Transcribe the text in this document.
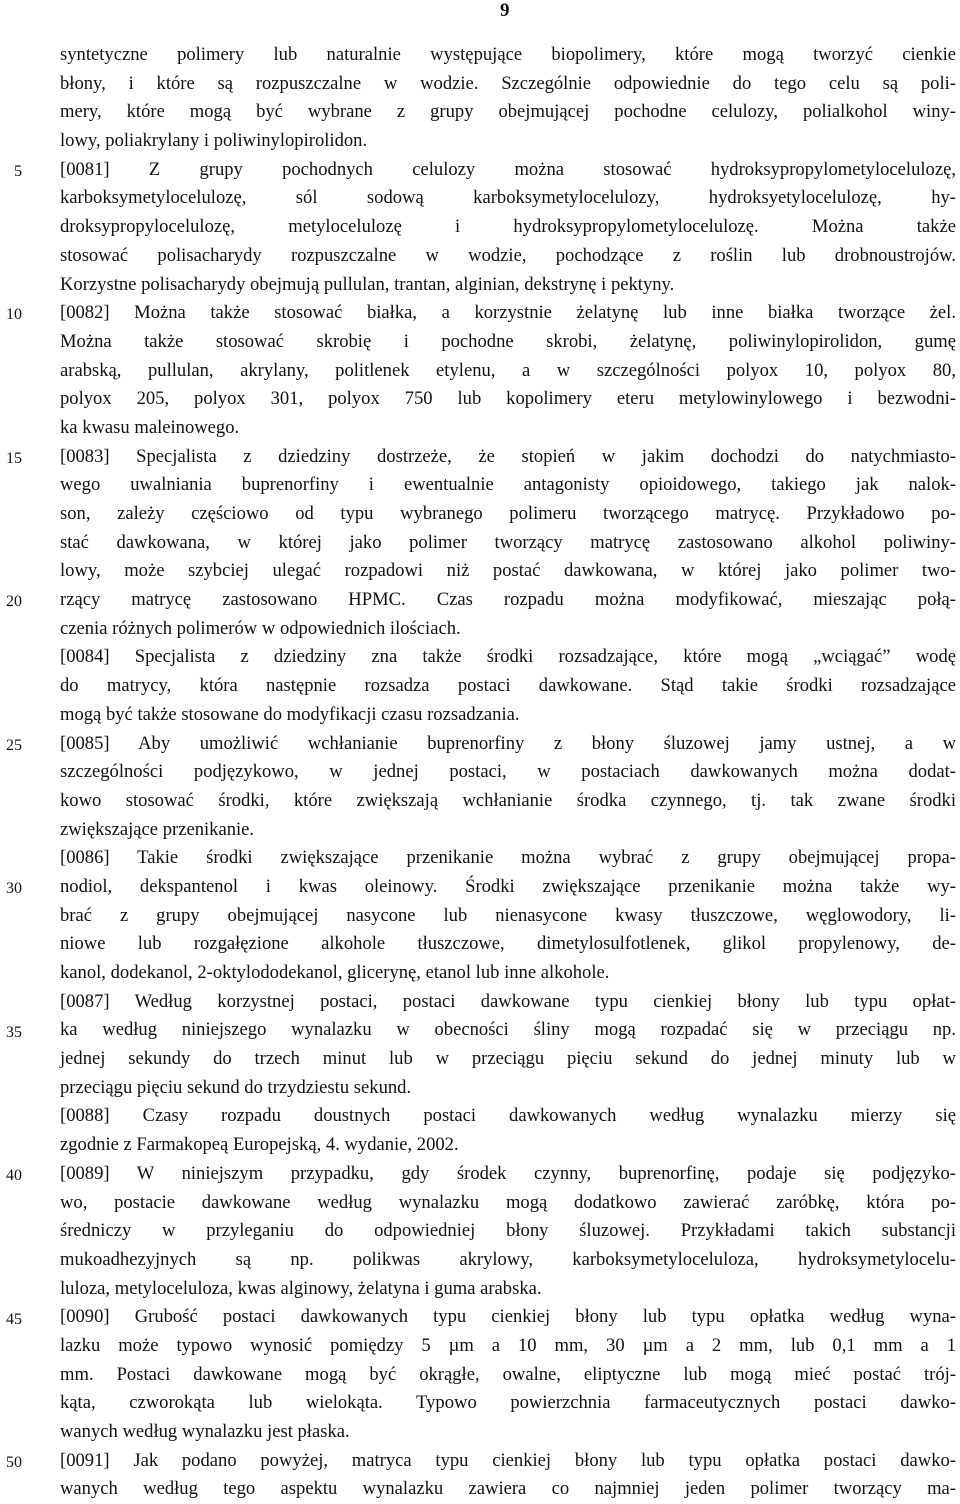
9
5
10
15
20
25
30
35
40
45
50
syntetyczne polimery lub naturalnie występujące biopolimery, które mogą tworzyć cienkie
błony, i które są rozpuszczalne w wodzie. Szczególnie odpowiednie do tego celu są poli-
mery, które mogą być wybrane z grupy obejmującej pochodne celulozy, polialkohol winy-
lowy, poliakrylany i poliwinylopirolidon.
[0081] Z grupy pochodnych celulozy można stosować hydroksypropylometylocelulozę,
karboksymetylocelulozę, sól sodową karboksymetylocelulozy, hydroksyetylocelulozę, hy-
droksypropylocelulozę, metylocelulozę i hydroksypropylometylocelulozę. Można także
stosować polisacharydy rozpuszczalne w wodzie, pochodzące z roślin lub drobnoustrojów.
Korzystne polisacharydy obejmują pullulan, trantan, alginian, dekstrynę i pektyny.
[0082] Można także stosować białka, a korzystnie żelatynę lub inne białka tworzące żel.
Można także stosować skrobię i pochodne skrobi, żelatynę, poliwinylopirolidon, gumę
arabską, pullulan, akrylany, politlenek etylenu, a w szczególności polyox 10, polyox 80,
polyox 205, polyox 301, polyox 750 lub kopolimery eteru metylowinylowego i bezwodni-
ka kwasu maleinowego.
[0083] Specjalista z dziedziny dostrzeże, że stopień w jakim dochodzi do natychmiasto-
wego uwalniania buprenorfiny i ewentualnie antagonisty opioidowego, takiego jak nalok-
son, zależy częściowo od typu wybranego polimeru tworzącego matrycę. Przykładowo po-
stać dawkowana, w której jako polimer tworzący matrycę zastosowano alkohol poliwiny-
lowy, może szybciej ulegać rozpadowi niż postać dawkowana, w której jako polimer two-
rzący matrycę zastosowano HPMC. Czas rozpadu można modyfikować, mieszając połą-
czenia różnych polimerów w odpowiednich ilościach.
[0084] Specjalista z dziedziny zna także środki rozsadzające, które mogą „wciągać” wodę
do matrycy, która następnie rozsadza postaci dawkowane. Stąd takie środki rozsadzające
mogą być także stosowane do modyfikacji czasu rozsadzania.
[0085] Aby umożliwić wchłanianie buprenorfiny z błony śluzowej jamy ustnej, a w
szczególności podjęzykowo, w jednej postaci, w postaciach dawkowanych można dodat-
kowo stosować środki, które zwiększają wchłanianie środka czynnego, tj. tak zwane środki
zwiększające przenikanie.
[0086] Takie środki zwiększające przenikanie można wybrać z grupy obejmującej propa-
nodiol, dekspantenol i kwas oleinowy. Środki zwiększające przenikanie można także wy-
brać z grupy obejmującej nasycone lub nienasycone kwasy tłuszczowe, węglowodory, li-
niowe lub rozgałęzione alkohole tłuszczowe, dimetylosulfotlenek, glikol propylenowy, de-
kanol, dodekanol, 2-oktylododekanol, glicerynę, etanol lub inne alkohole.
[0087] Według korzystnej postaci, postaci dawkowane typu cienkiej błony lub typu opłat-
ka według niniejszego wynalazku w obecności śliny mogą rozpadać się w przeciągu np.
jednej sekundy do trzech minut lub w przeciągu pięciu sekund do jednej minuty lub w
przeciągu pięciu sekund do trzydziestu sekund.
[0088] Czasy rozpadu doustnych postaci dawkowanych według wynalazku mierzy się
zgodnie z Farmakopeą Europejską, 4. wydanie, 2002.
[0089] W niniejszym przypadku, gdy środek czynny, buprenorfinę, podaje się podjęzyko-
wo, postacie dawkowane według wynalazku mogą dodatkowo zawierać zaróbkę, która po-
średniczy w przyleganiu do odpowiedniej błony śluzowej. Przykładami takich substancji
mukoadhezyjnych są np. polikwas akrylowy, karboksymetyloceluloza, hydroksymetylocelu-
luloza, metyloceluloza, kwas alginowy, żelatyna i guma arabska.
[0090] Grubość postaci dawkowanych typu cienkiej błony lub typu opłatka według wyna-
lazku może typowo wynosić pomiędzy 5 µm a 10 mm, 30 µm a 2 mm, lub 0,1 mm a 1
mm. Postaci dawkowane mogą być okrągłe, owalne, eliptyczne lub mogą mieć postać trój-
kąta, czworokąta lub wielokąta. Typowo powierzchnia farmaceutycznych postaci dawko-
wanych według wynalazku jest płaska.
[0091] Jak podano powyżej, matryca typu cienkiej błony lub typu opłatka postaci dawko-
wanych według tego aspektu wynalazku zawiera co najmniej jeden polimer tworzący ma-
